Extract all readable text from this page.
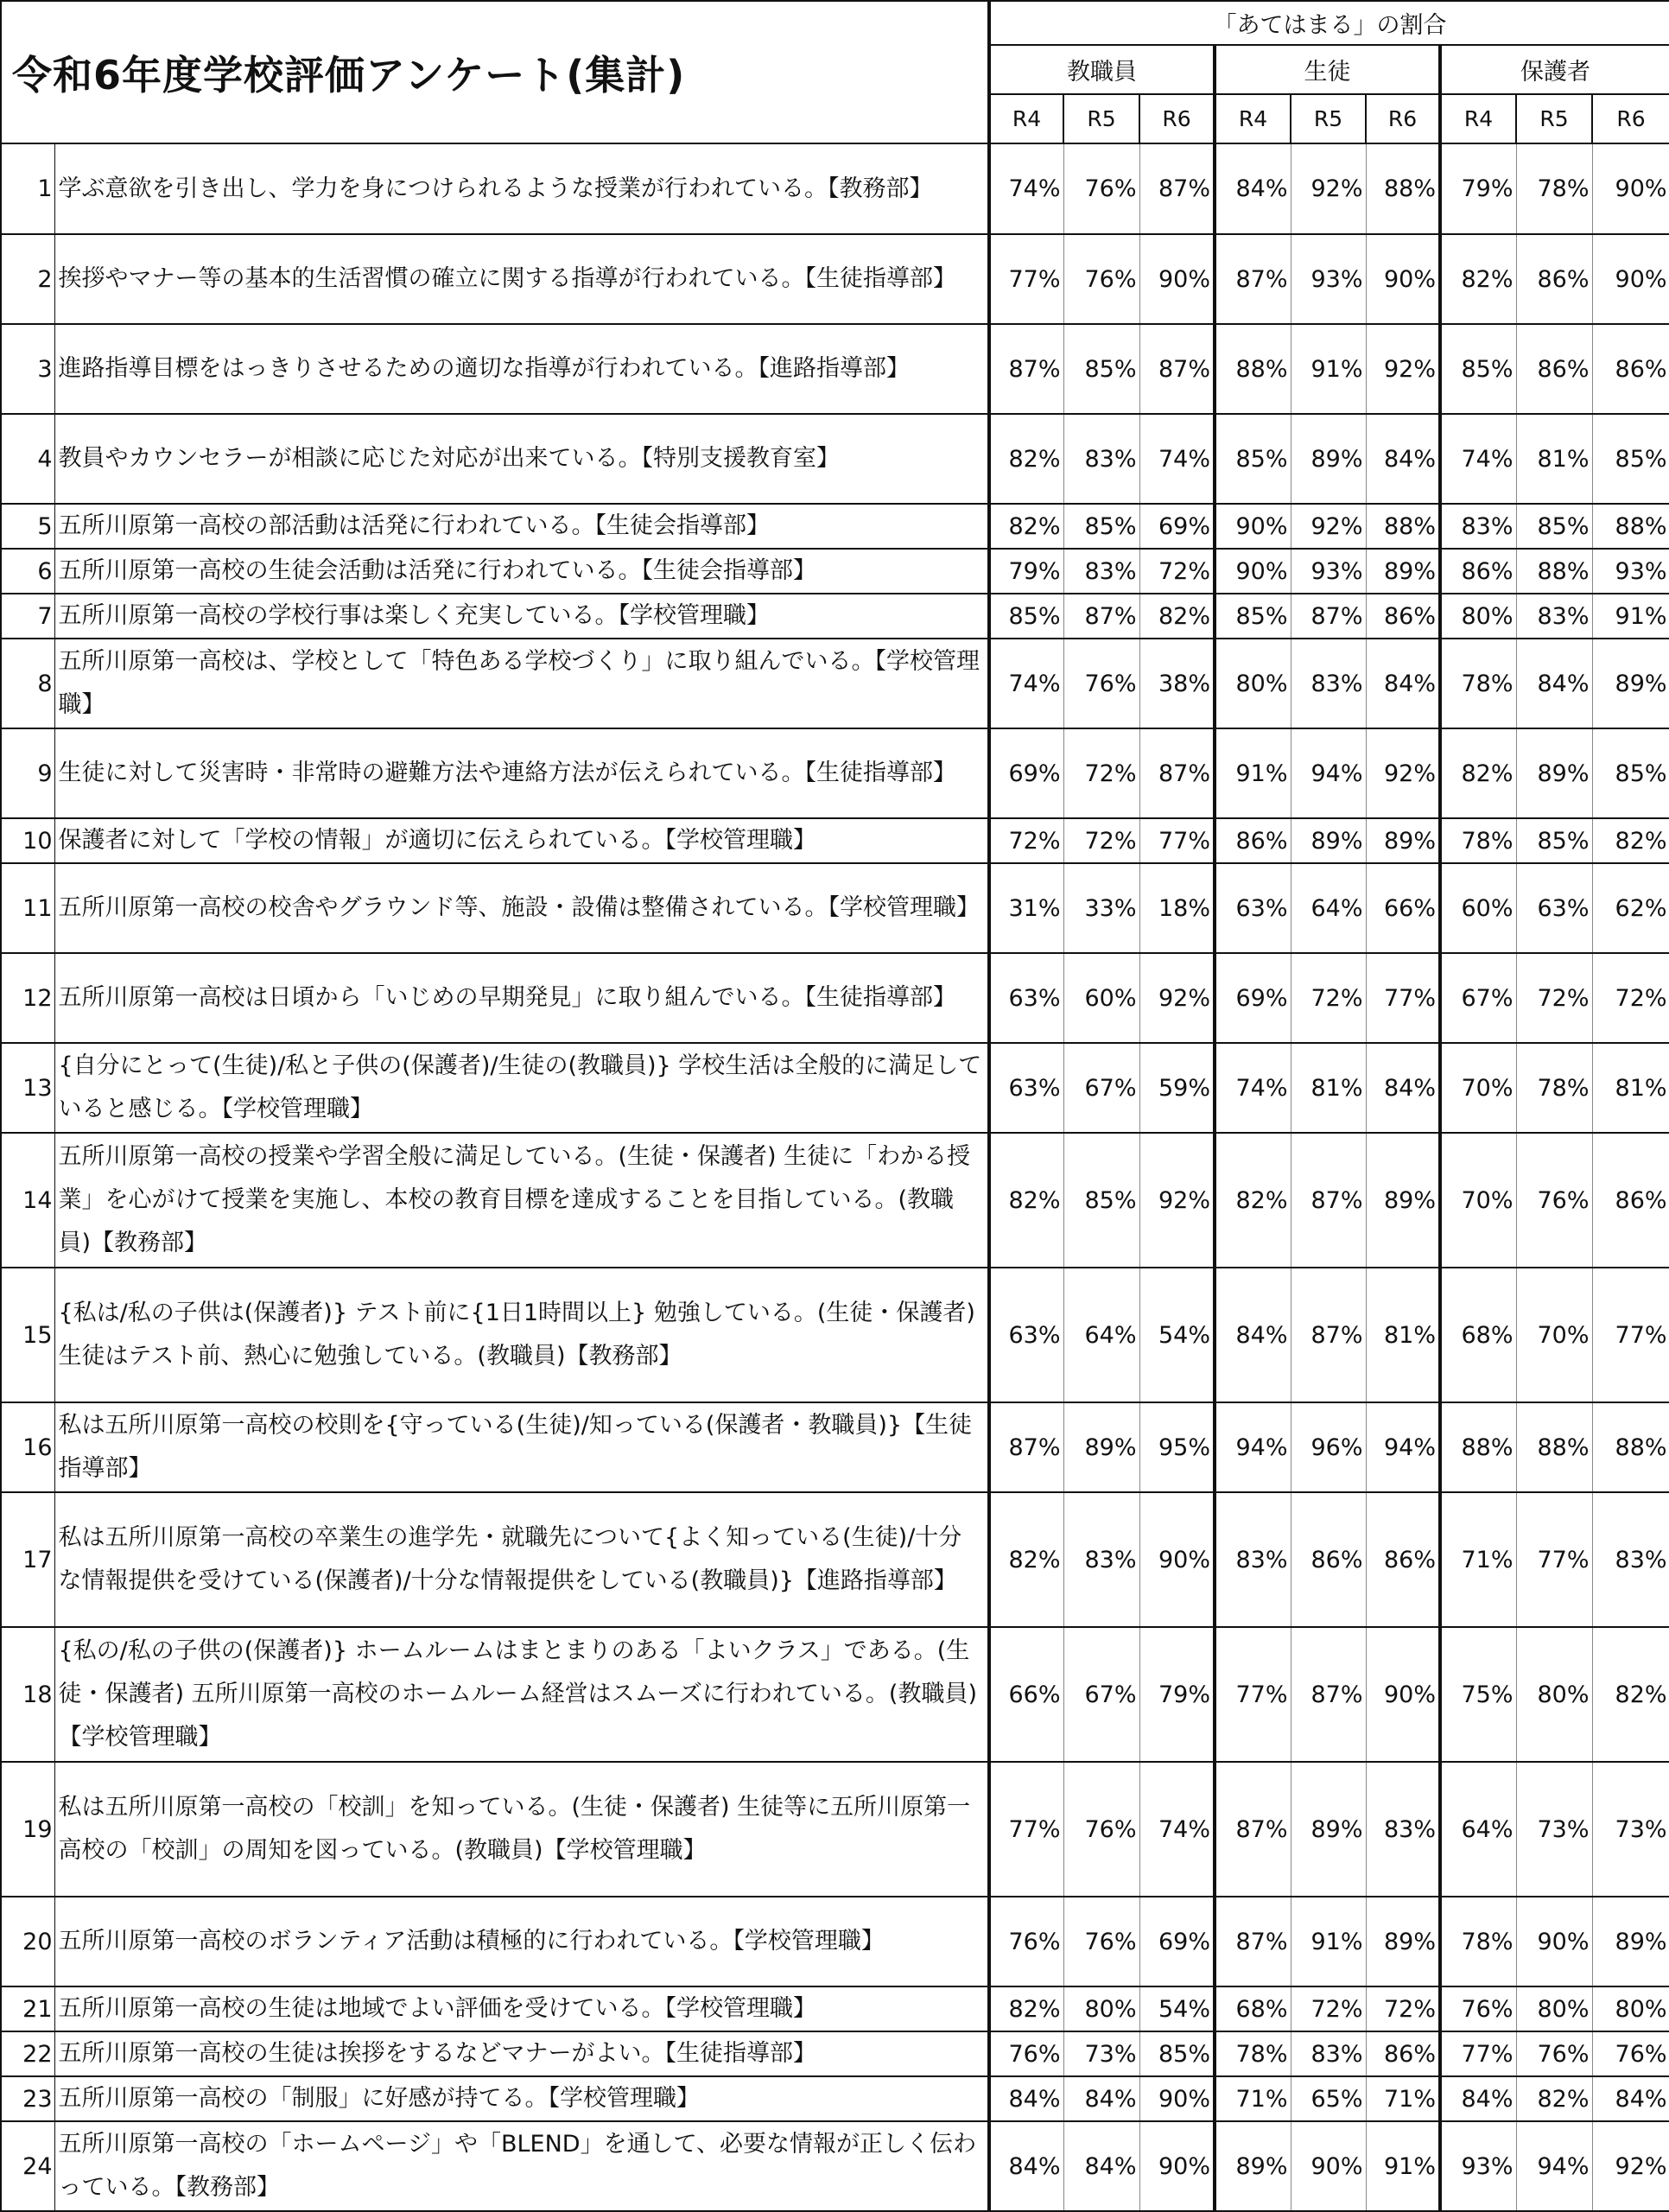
令和6年度学校評価アンケート(集計)		「あてはまる」の割合								
		教職員			生徒			保護者		
		R4	R5	R6	R4	R5	R6	R4	R5	R6
1	学ぶ意欲を引き出し、学力を身につけられるような授業が行われている。【教務部】	74%	76%	87%	84%	92%	88%	79%	78%	90%
2	挨拶やマナー等の基本的生活習慣の確立に関する指導が行われている。【生徒指導部】	77%	76%	90%	87%	93%	90%	82%	86%	90%
3	進路指導目標をはっきりさせるための適切な指導が行われている。【進路指導部】	87%	85%	87%	88%	91%	92%	85%	86%	86%
4	教員やカウンセラーが相談に応じた対応が出来ている。【特別支援教育室】	82%	83%	74%	85%	89%	84%	74%	81%	85%
5	五所川原第一高校の部活動は活発に行われている。【生徒会指導部】	82%	85%	69%	90%	92%	88%	83%	85%	88%
6	五所川原第一高校の生徒会活動は活発に行われている。【生徒会指導部】	79%	83%	72%	90%	93%	89%	86%	88%	93%
7	五所川原第一高校の学校行事は楽しく充実している。【学校管理職】	85%	87%	82%	85%	87%	86%	80%	83%	91%
8	五所川原第一高校は、学校として「特色ある学校づくり」に取り組んでいる。【学校管理職】	74%	76%	38%	80%	83%	84%	78%	84%	89%
9	生徒に対して災害時・非常時の避難方法や連絡方法が伝えられている。【生徒指導部】	69%	72%	87%	91%	94%	92%	82%	89%	85%
10	保護者に対して「学校の情報」が適切に伝えられている。【学校管理職】	72%	72%	77%	86%	89%	89%	78%	85%	82%
11	五所川原第一高校の校舎やグラウンド等、施設・設備は整備されている。【学校管理職】	31%	33%	18%	63%	64%	66%	60%	63%	62%
12	五所川原第一高校は日頃から「いじめの早期発見」に取り組んでいる。【生徒指導部】	63%	60%	92%	69%	72%	77%	67%	72%	72%
13	{自分にとって(生徒)/私と子供の(保護者)/生徒の(教職員)} 学校生活は全般的に満足していると感じる。【学校管理職】	63%	67%	59%	74%	81%	84%	70%	78%	81%
14	五所川原第一高校の授業や学習全般に満足している。(生徒・保護者) 生徒に「わかる授業」を心がけて授業を実施し、本校の教育目標を達成することを目指している。(教職員)【教務部】	82%	85%	92%	82%	87%	89%	70%	76%	86%
15	{私は/私の子供は(保護者)} テスト前に{1日1時間以上} 勉強している。(生徒・保護者) 生徒はテスト前、熱心に勉強している。(教職員)【教務部】	63%	64%	54%	84%	87%	81%	68%	70%	77%
16	私は五所川原第一高校の校則を{守っている(生徒)/知っている(保護者・教職員)}【生徒指導部】	87%	89%	95%	94%	96%	94%	88%	88%	88%
17	私は五所川原第一高校の卒業生の進学先・就職先について{よく知っている(生徒)/十分な情報提供を受けている(保護者)/十分な情報提供をしている(教職員)}【進路指導部】	82%	83%	90%	83%	86%	86%	71%	77%	83%
18	{私の/私の子供の(保護者)} ホームルームはまとまりのある「よいクラス」である。(生徒・保護者) 五所川原第一高校のホームルーム経営はスムーズに行われている。(教職員)【学校管理職】	66%	67%	79%	77%	87%	90%	75%	80%	82%
19	私は五所川原第一高校の「校訓」を知っている。(生徒・保護者) 生徒等に五所川原第一高校の「校訓」の周知を図っている。(教職員)【学校管理職】	77%	76%	74%	87%	89%	83%	64%	73%	73%
20	五所川原第一高校のボランティア活動は積極的に行われている。【学校管理職】	76%	76%	69%	87%	91%	89%	78%	90%	89%
21	五所川原第一高校の生徒は地域でよい評価を受けている。【学校管理職】	82%	80%	54%	68%	72%	72%	76%	80%	80%
22	五所川原第一高校の生徒は挨拶をするなどマナーがよい。【生徒指導部】	76%	73%	85%	78%	83%	86%	77%	76%	76%
23	五所川原第一高校の「制服」に好感が持てる。【学校管理職】	84%	84%	90%	71%	65%	71%	84%	82%	84%
24	五所川原第一高校の「ホームページ」や「BLEND」を通して、必要な情報が正しく伝わっている。【教務部】	84%	84%	90%	89%	90%	91%	93%	94%	92%
